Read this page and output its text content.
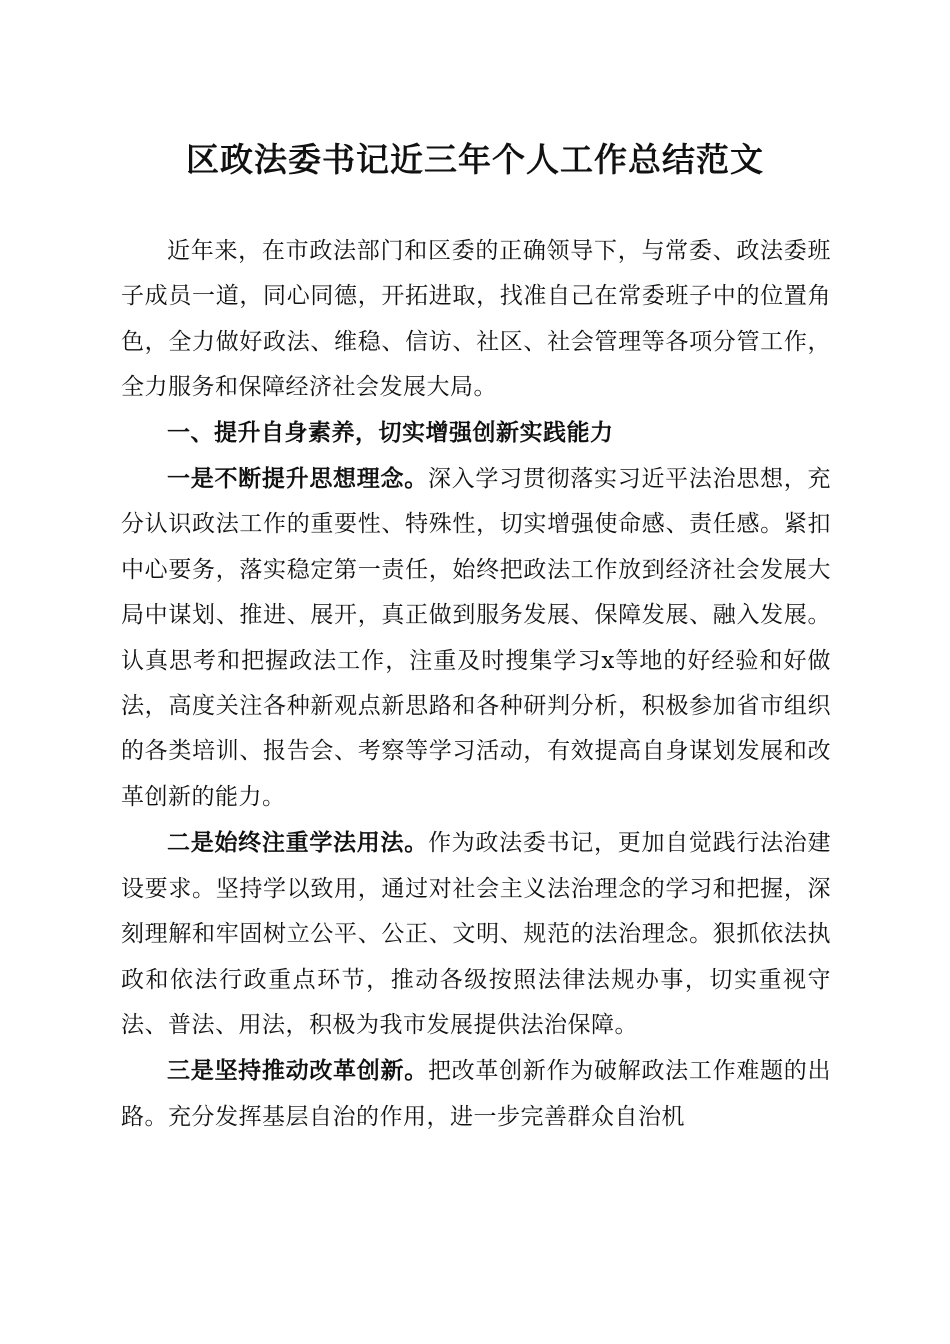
区政法委书记近三年个人工作总结范文

近年来，在市政法部门和区委的正确领导下，与常委、政法委班子成员一道，同心同德，开拓进取，找准自己在常委班子中的位置角色，全力做好政法、维稳、信访、社区、社会管理等各项分管工作，全力服务和保障经济社会发展大局。

一、提升自身素养，切实增强创新实践能力

一是不断提升思想理念。深入学习贯彻落实习近平法治思想，充分认识政法工作的重要性、特殊性，切实增强使命感、责任感。紧扣中心要务，落实稳定第一责任，始终把政法工作放到经济社会发展大局中谋划、推进、展开，真正做到服务发展、保障发展、融入发展。认真思考和把握政法工作，注重及时搜集学习x等地的好经验和好做法，高度关注各种新观点新思路和各种研判分析，积极参加省市组织的各类培训、报告会、考察等学习活动，有效提高自身谋划发展和改革创新的能力。

二是始终注重学法用法。作为政法委书记，更加自觉践行法治建设要求。坚持学以致用，通过对社会主义法治理念的学习和把握，深刻理解和牢固树立公平、公正、文明、规范的法治理念。狠抓依法执政和依法行政重点环节，推动各级按照法律法规办事，切实重视守法、普法、用法，积极为我市发展提供法治保障。

三是坚持推动改革创新。把改革创新作为破解政法工作难题的出路。充分发挥基层自治的作用，进一步完善群众自治机
